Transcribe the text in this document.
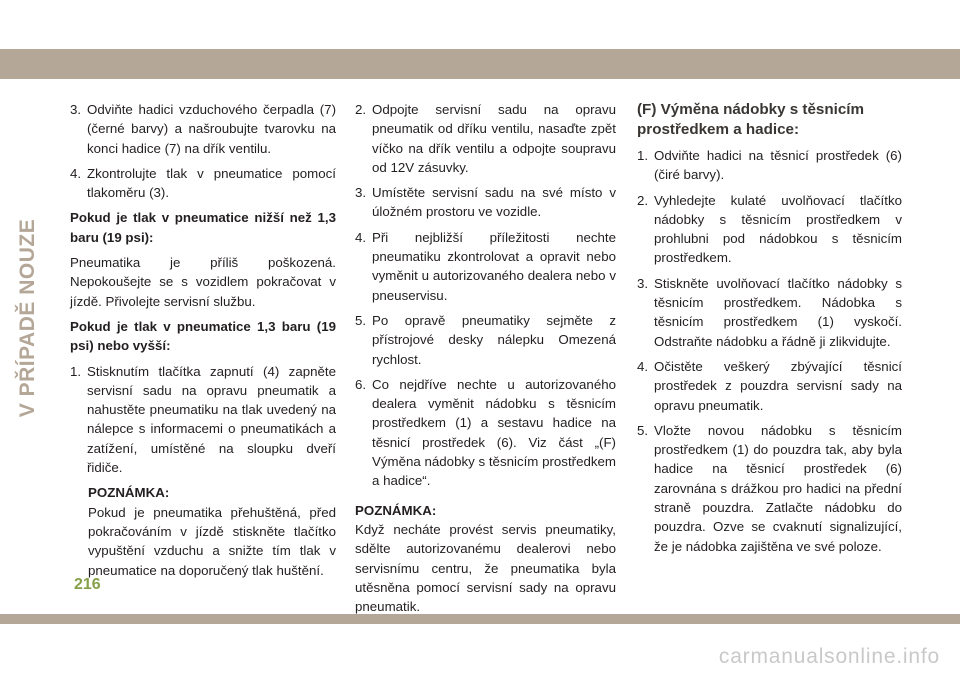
V PŘÍPADĚ NOUZE
3. Odviňte hadici vzduchového čerpadla (7) (černé barvy) a našroubujte tvarovku na konci hadice (7) na dřík ventilu.
4. Zkontrolujte tlak v pneumatice pomocí tlakoměru (3).
Pokud je tlak v pneumatice nižší než 1,3 baru (19 psi):
Pneumatika je příliš poškozená. Nepokoušejte se s vozidlem pokračovat v jízdě. Přivolejte servisní službu.
Pokud je tlak v pneumatice 1,3 baru (19 psi) nebo vyšší:
1. Stisknutím tlačítka zapnutí (4) zapněte servisní sadu na opravu pneumatik a nahustěte pneumatiku na tlak uvedený na nálepce s informacemi o pneumatikách a zatížení, umístěné na sloupku dveří řidiče.
POZNÁMKA:
Pokud je pneumatika přehuštěná, před pokračováním v jízdě stiskněte tlačítko vypuštění vzduchu a snižte tím tlak v pneumatice na doporučený tlak huštění.
2. Odpojte servisní sadu na opravu pneumatik od dříku ventilu, nasaďte zpět víčko na dřík ventilu a odpojte soupravu od 12V zásuvky.
3. Umístěte servisní sadu na své místo v úložném prostoru ve vozidle.
4. Při nejbližší příležitosti nechte pneumatiku zkontrolovat a opravit nebo vyměnit u autorizovaného dealera nebo v pneuservisu.
5. Po opravě pneumatiky sejměte z přístrojové desky nálepku Omezená rychlost.
6. Co nejdříve nechte u autorizovaného dealera vyměnit nádobku s těsnicím prostředkem (1) a sestavu hadice na těsnicí prostředek (6). Viz část „(F) Výměna nádobky s těsnicím prostředkem a hadice“.
POZNÁMKA:
Když necháte provést servis pneumatiky, sdělte autorizovanému dealerovi nebo servisnímu centru, že pneumatika byla utěsněna pomocí servisní sady na opravu pneumatik.
(F) Výměna nádobky s těsnicím prostředkem a hadice:
1. Odviňte hadici na těsnicí prostředek (6) (čiré barvy).
2. Vyhledejte kulaté uvolňovací tlačítko nádobky s těsnicím prostředkem v prohlubni pod nádobkou s těsnicím prostředkem.
3. Stiskněte uvolňovací tlačítko nádobky s těsnicím prostředkem. Nádobka s těsnicím prostředkem (1) vyskočí. Odstraňte nádobku a řádně ji zlikvidujte.
4. Očistěte veškerý zbývající těsnicí prostředek z pouzdra servisní sady na opravu pneumatik.
5. Vložte novou nádobku s těsnicím prostředkem (1) do pouzdra tak, aby byla hadice na těsnicí prostředek (6) zarovnána s drážkou pro hadici na přední straně pouzdra. Zatlačte nádobku do pouzdra. Ozve se cvaknutí signalizující, že je nádobka zajištěna ve své poloze.
216
carmanualsonline.info
